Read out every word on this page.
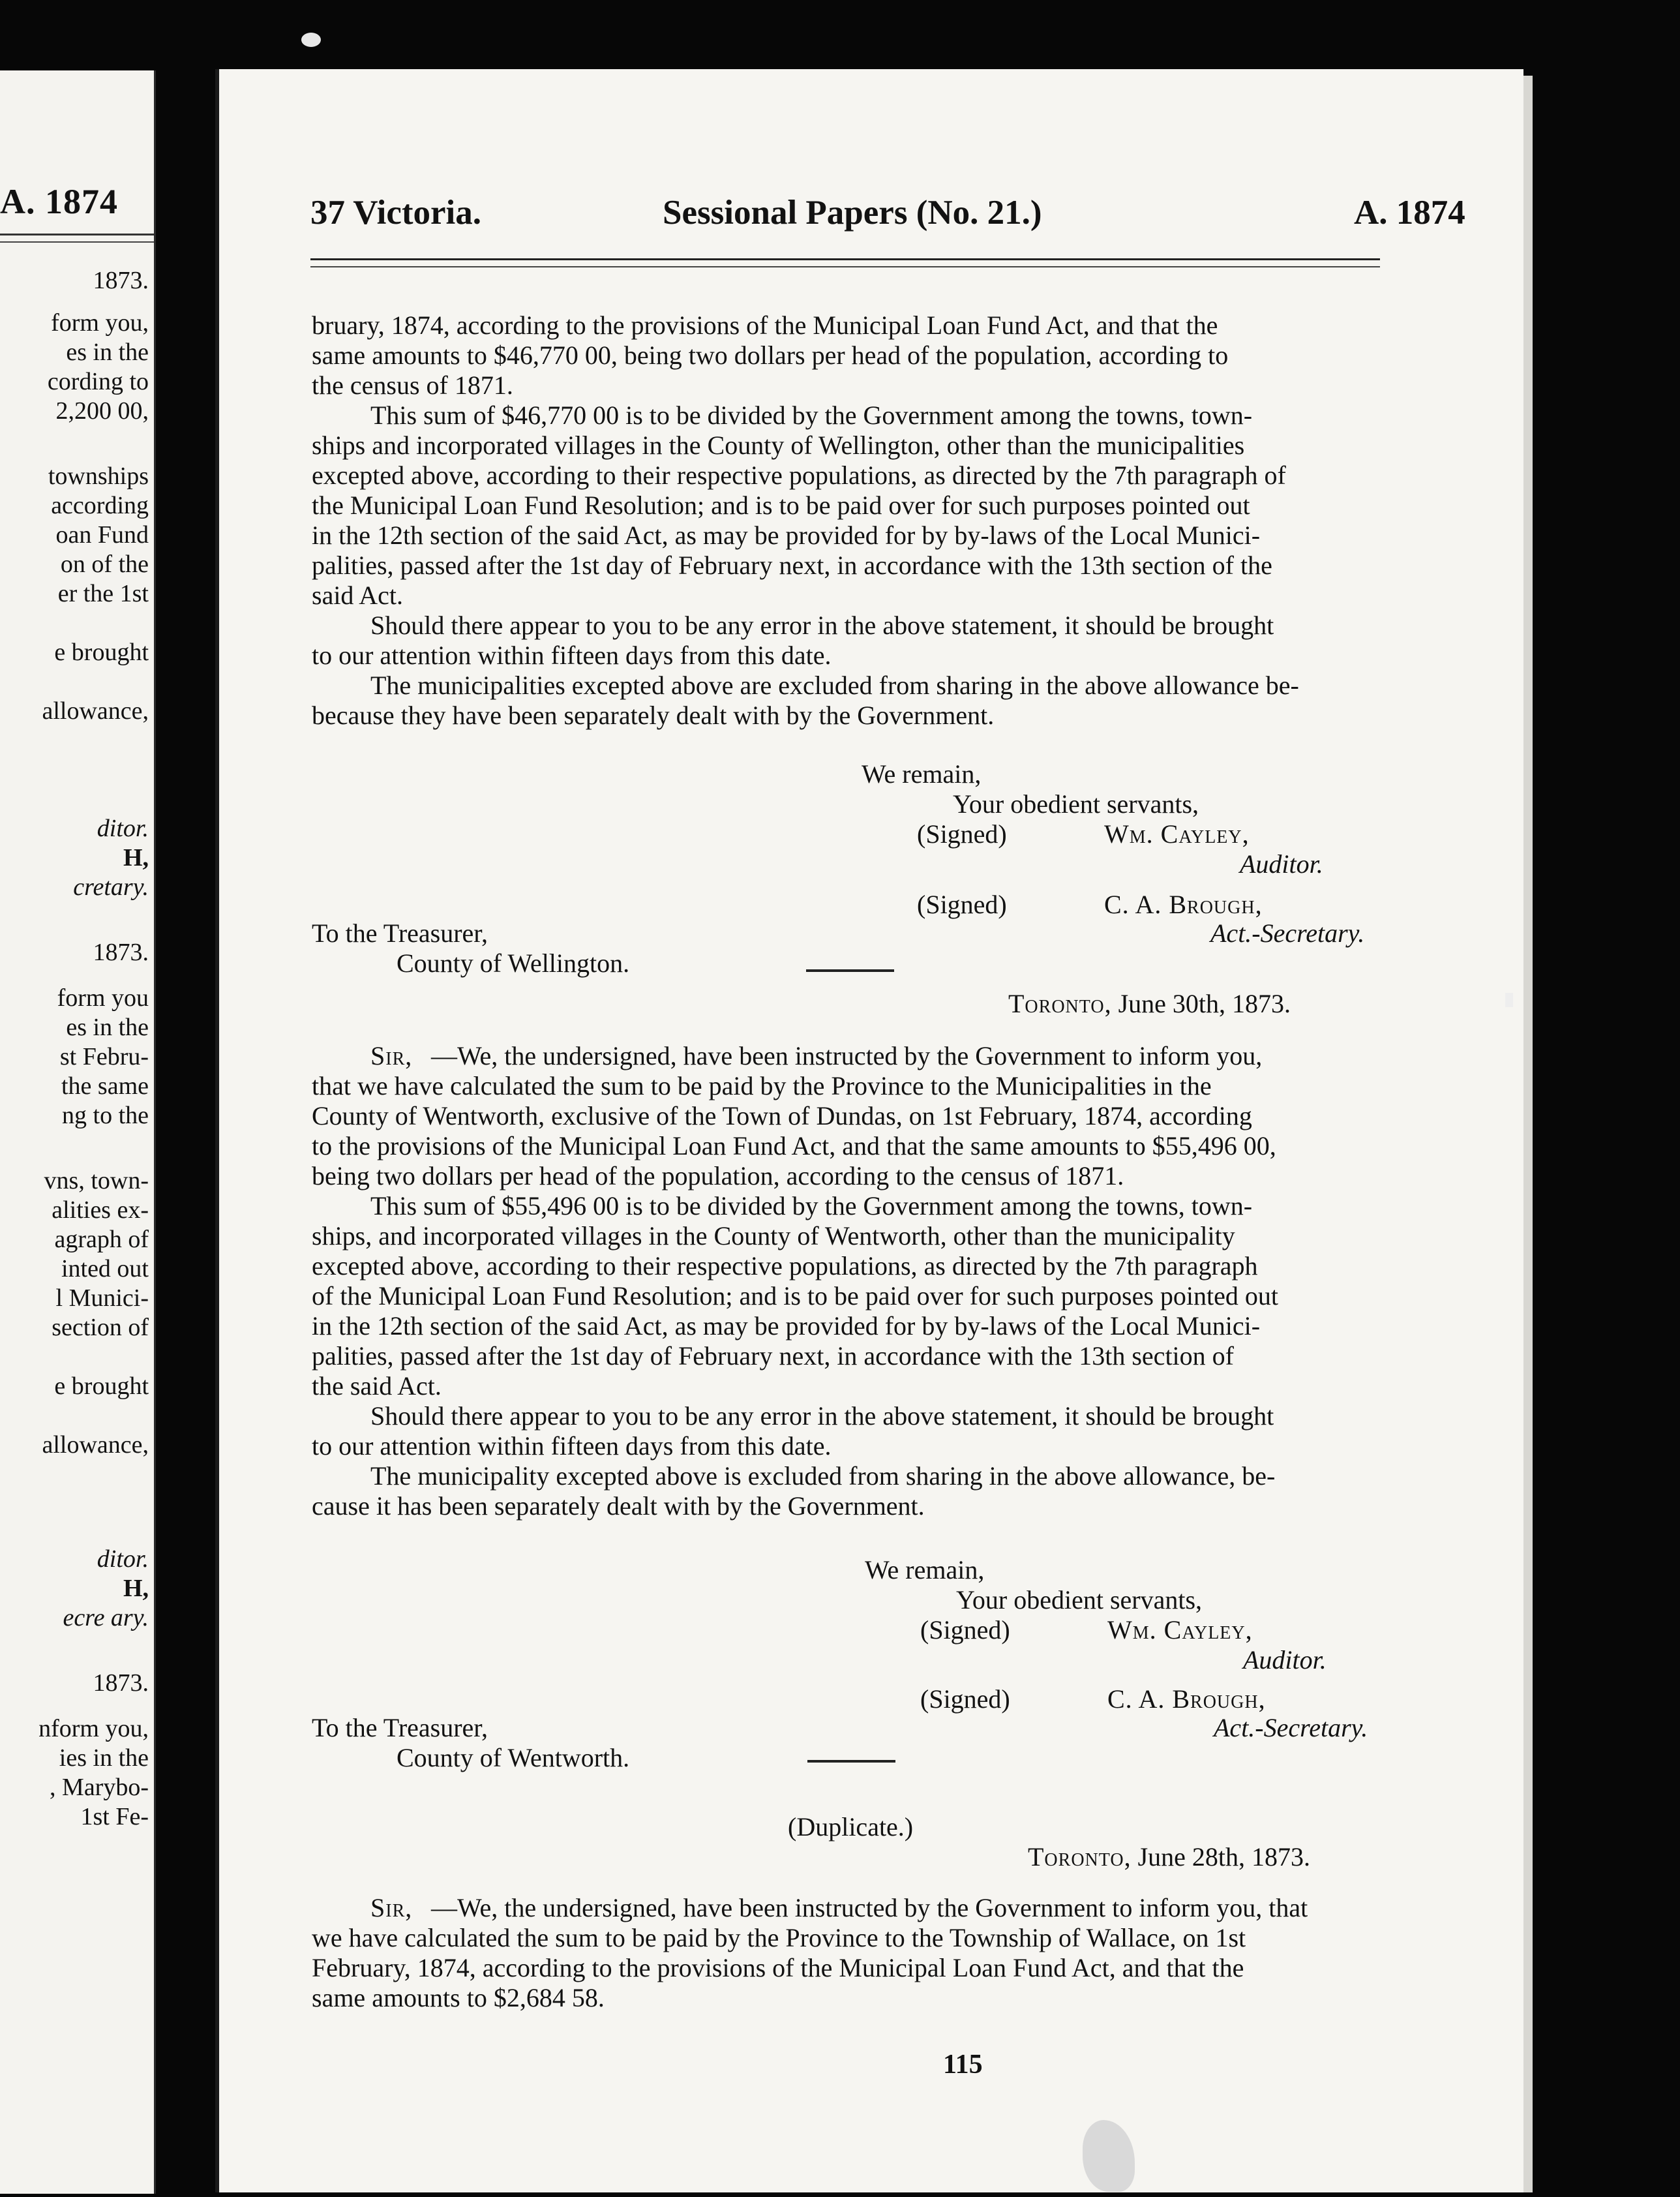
A. 1874
1873.
form you,
es in the
cording to
2,200 00,
townships
according
oan Fund
on of the
er the 1st
e brought
allowance,
ditor.
H,
cretary.
1873.
form you
es in the
st Febru-
the same
ng to the
vns, town-
alities ex-
agraph of
inted out
l Munici-
section of
e brought
allowance,
ditor.
H,
ecre ary.
1873.
nform you,
ies in the
, Marybo-
1st Fe-
37 Victoria.	Sessional Papers (No. 21.)	A. 1874
bruary, 1874, according to the provisions of the Municipal Loan Fund Act, and that the
same amounts to $46,770 00, being two dollars per head of the population, according to
the census of 1871.
This sum of $46,770 00 is to be divided by the Government among the towns, town-
ships and incorporated villages in the County of Wellington, other than the municipalities
excepted above, according to their respective populations, as directed by the 7th paragraph of
the Municipal Loan Fund Resolution; and is to be paid over for such purposes pointed out
in the 12th section of the said Act, as may be provided for by by-laws of the Local Munici-
palities, passed after the 1st day of February next, in accordance with the 13th section of the
said Act.
Should there appear to you to be any error in the above statement, it should be brought
to our attention within fifteen days from this date.
The municipalities excepted above are excluded from sharing in the above allowance be-
because they have been separately dealt with by the Government.
We remain,
Your obedient servants,
(Signed)	Wm. Cayley,
Auditor.
(Signed)	C. A. Brough,
To the Treasurer,	Act.-Secretary.
County of Wellington.
Toronto, June 30th, 1873.
Sir, —We, the undersigned, have been instructed by the Government to inform you,
that we have calculated the sum to be paid by the Province to the Municipalities in the
County of Wentworth, exclusive of the Town of Dundas, on 1st February, 1874, according
to the provisions of the Municipal Loan Fund Act, and that the same amounts to $55,496 00,
being two dollars per head of the population, according to the census of 1871.
This sum of $55,496 00 is to be divided by the Government among the towns, town-
ships, and incorporated villages in the County of Wentworth, other than the municipality
excepted above, according to their respective populations, as directed by the 7th paragraph
of the Municipal Loan Fund Resolution; and is to be paid over for such purposes pointed out
in the 12th section of the said Act, as may be provided for by by-laws of the Local Munici-
palities, passed after the 1st day of February next, in accordance with the 13th section of
the said Act.
Should there appear to you to be any error in the above statement, it should be brought
to our attention within fifteen days from this date.
The municipality excepted above is excluded from sharing in the above allowance, be-
cause it has been separately dealt with by the Government.
We remain,
Your obedient servants,
(Signed)	Wm. Cayley,
Auditor.
(Signed)	C. A. Brough,
To the Treasurer,	Act.-Secretary.
County of Wentworth.
(Duplicate.)
Toronto, June 28th, 1873.
Sir, —We, the undersigned, have been instructed by the Government to inform you, that
we have calculated the sum to be paid by the Province to the Township of Wallace, on 1st
February, 1874, according to the provisions of the Municipal Loan Fund Act, and that the
same amounts to $2,684 58.
115
